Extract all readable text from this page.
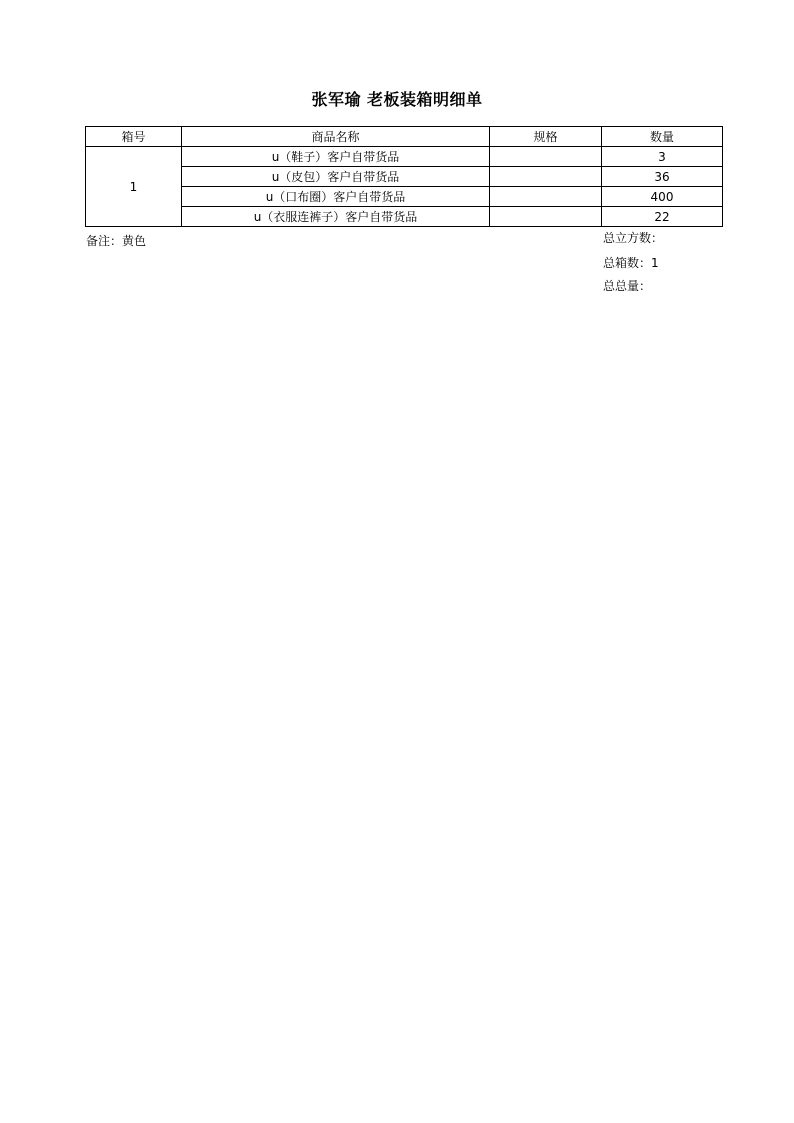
张军瑜 老板装箱明细单
箱号	商品名称	规格	数量
1	u（鞋子）客户自带货品		3
	u（皮包）客户自带货品		36
	u（口布圈）客户自带货品		400
	u（衣服连裤子）客户自带货品		22
备注：黄色	总立方数：
总箱数：1
总总量：
